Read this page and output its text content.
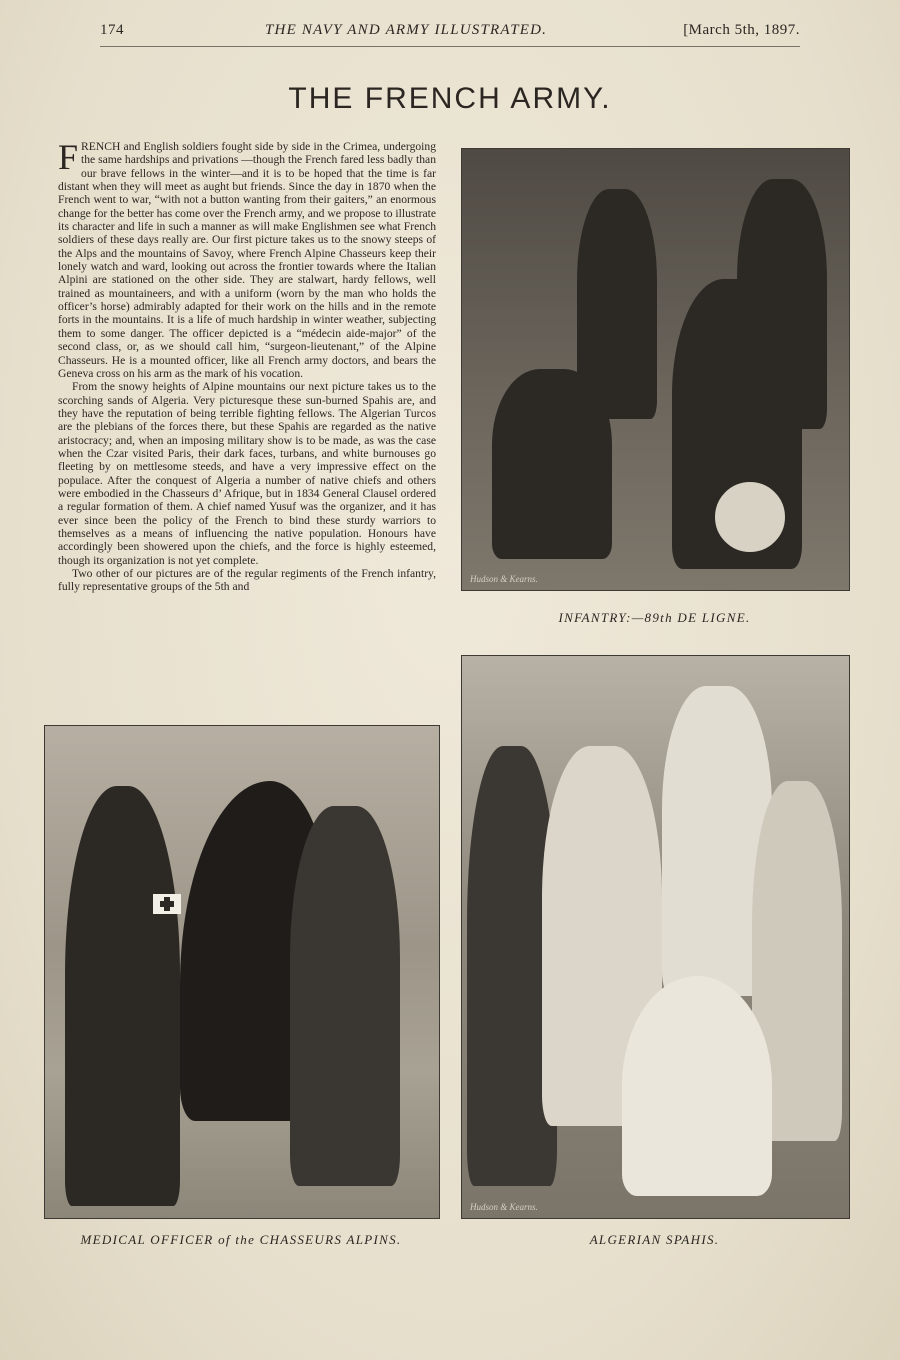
174	THE NAVY AND ARMY ILLUSTRATED.	[March 5th, 1897.
THE FRENCH ARMY.

FRENCH and English soldiers fought side by side in the Crimea, undergoing the same hardships and privations —though the French fared less badly than our brave fellows in the winter—and it is to be hoped that the time is far distant when they will meet as aught but friends. Since the day in 1870 when the French went to war, “with not a button wanting from their gaiters,” an enormous change for the better has come over the French army, and we propose to illustrate its character and life in such a manner as will make Englishmen see what French soldiers of these days really are. Our first picture takes us to the snowy steeps of the Alps and the mountains of Savoy, where French Alpine Chasseurs keep their lonely watch and ward, looking out across the frontier towards where the Italian Alpini are stationed on the other side. They are stalwart, hardy fellows, well trained as mountaineers, and with a uniform (worn by the man who holds the officer’s horse) admirably adapted for their work on the hills and in the remote forts in the mountains. It is a life of much hardship in winter weather, subjecting them to some danger. The officer depicted is a “médecin aide-major” of the second class, or, as we should call him, “surgeon-lieutenant,” of the Alpine Chasseurs. He is a mounted officer, like all French army doctors, and bears the Geneva cross on his arm as the mark of his vocation.

From the snowy heights of Alpine mountains our next picture takes us to the scorching sands of Algeria. Very picturesque these sun-burned Spahis are, and they have the reputation of being terrible fighting fellows. The Algerian Turcos are the plebians of the forces there, but these Spahis are regarded as the native aristocracy; and, when an imposing military show is to be made, as was the case when the Czar visited Paris, their dark faces, turbans, and white burnouses go fleeting by on mettlesome steeds, and have a very impressive effect on the populace. After the conquest of Algeria a number of native chiefs and others were embodied in the Chasseurs d’ Afrique, but in 1834 General Clausel ordered a regular formation of them. A chief named Yusuf was the organizer, and it has ever since been the policy of the French to bind these sturdy warriors to themselves as a means of influencing the native population. Honours have accordingly been showered upon the chiefs, and the force is highly esteemed, though its organization is not yet complete.

Two other of our pictures are of the regular regiments of the French infantry, fully representative groups of the 5th and

Hudson & Kearns.
INFANTRY:—89th DE LIGNE.
MEDICAL OFFICER of the CHASSEURS ALPINS.
Hudson & Kearns.
ALGERIAN SPAHIS.
